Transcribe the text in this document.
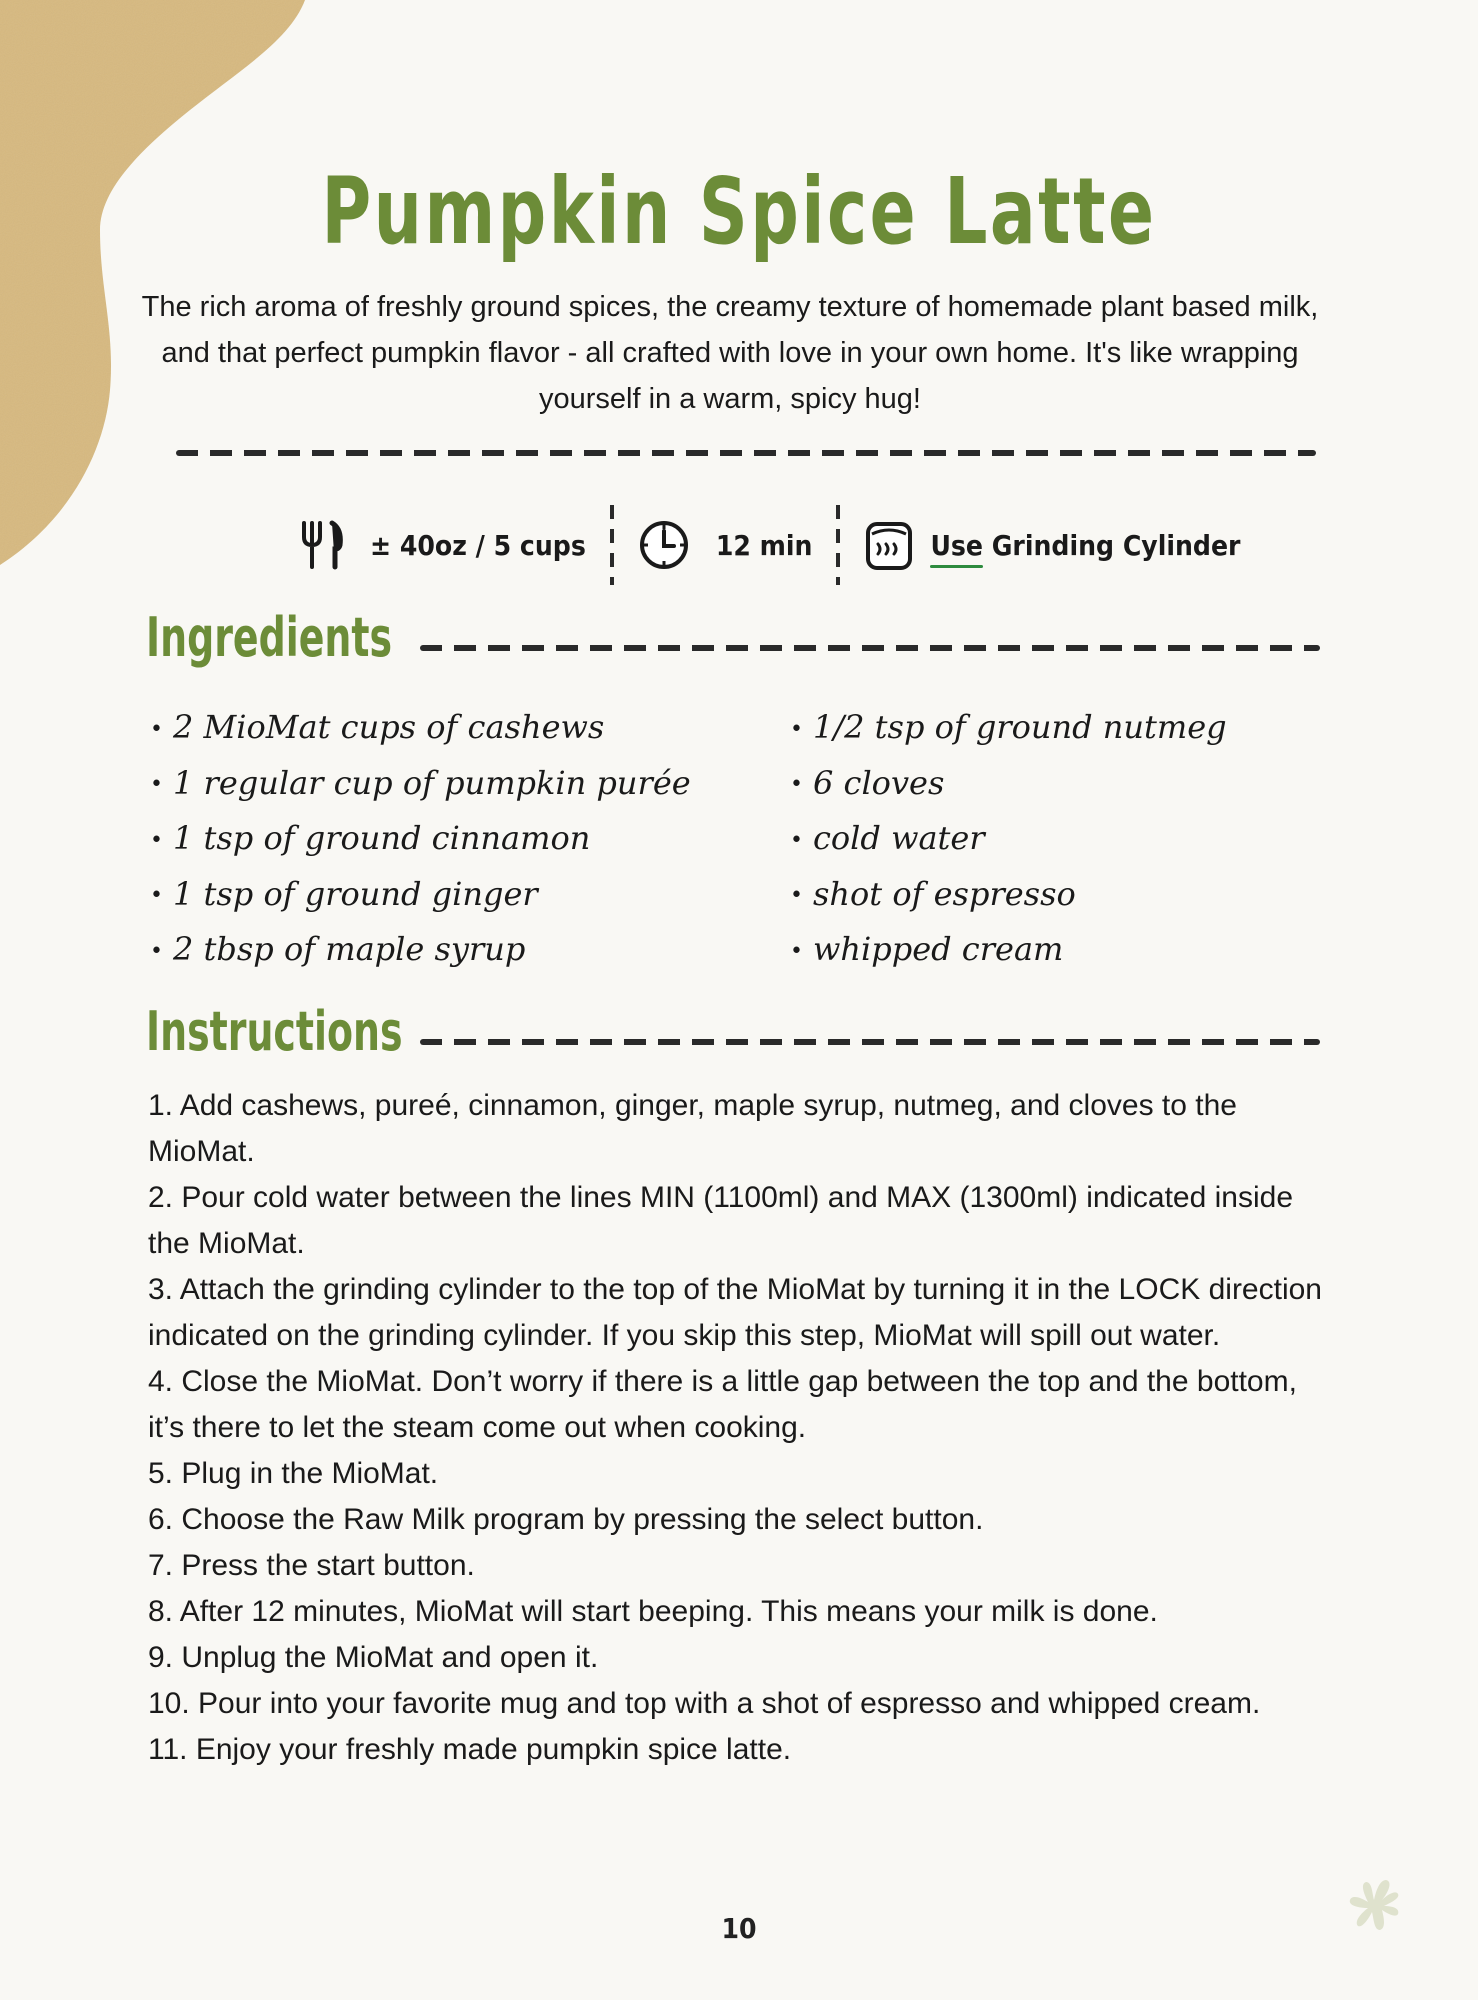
Pumpkin Spice Latte
The rich aroma of freshly ground spices, the creamy texture of homemade plant based milk, and that perfect pumpkin flavor - all crafted with love in your own home. It's like wrapping yourself in a warm, spicy hug!
± 40oz / 5 cups	12 min	Use Grinding Cylinder
Ingredients
• 2 MioMat cups of cashews
• 1 regular cup of pumpkin purée
• 1 tsp of ground cinnamon
• 1 tsp of ground ginger
• 2 tbsp of maple syrup
• 1/2 tsp of ground nutmeg
• 6 cloves
• cold water
• shot of espresso
• whipped cream
Instructions

1. Add cashews, pureé, cinnamon, ginger, maple syrup, nutmeg, and cloves to the MioMat.

2. Pour cold water between the lines MIN (1100ml) and MAX (1300ml) indicated inside the MioMat.

3. Attach the grinding cylinder to the top of the MioMat by turning it in the LOCK direction indicated on the grinding cylinder. If you skip this step, MioMat will spill out water.

4. Close the MioMat. Don’t worry if there is a little gap between the top and the bottom, it’s there to let the steam come out when cooking.

5. Plug in the MioMat.

6. Choose the Raw Milk program by pressing the select button.

7. Press the start button.

8. After 12 minutes, MioMat will start beeping. This means your milk is done.

9. Unplug the MioMat and open it.

10. Pour into your favorite mug and top with a shot of espresso and whipped cream.

11. Enjoy your freshly made pumpkin spice latte.

10
